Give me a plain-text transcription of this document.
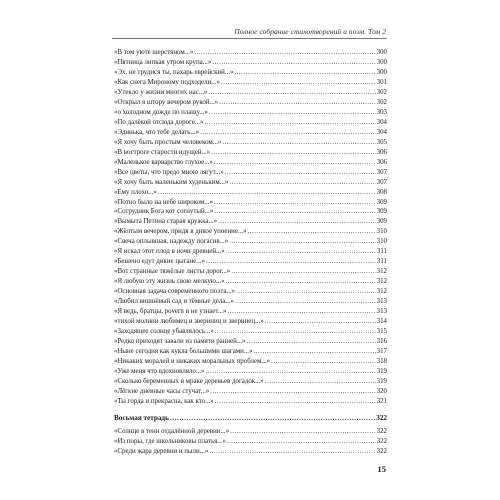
Полное собрание стихотворений и поэм. Том 2
«В том уюте шерстяном...» . . .	300
«Пятница липкая утром крупа...» . . .	300
«Эх, не трудися ты, пахарь еврейский...» . . .	300
«Как снега Мироному подходели...» . . .	301
«Утекло у жизни многих нас...» . . .	302
«Открыл я штору вечером рукой...» . . .	302
«о холодном дожде по плащу...» . . .	303
«По далёкой отсюда дороге...» . . .	304
«Эдинька, что тебе делать...» . . .	304
«Я хочу быть простым человеком...» . . .	305
«В востроге старости идущей...» . . .	306
«Маленькое варварство глухое...» . . .	306
«Все цветы, что предо мною лягут...» . . .	307
«Я хочу быть маленьким худеньким...» . . .	307
«Ему плохо...» . . .	308
«Потно было на небе широком...» . . .	309
«Сотрудник Бога кот согнутый...» . . .	309
«Вымыта Петина старая кружка...» . . .	309
«Жёлтым вечером, придя в дикое упоение...» . . .	310
«Свеча оплывшая, надежду погасив...» . . .	310
«Я искал этот плод в ночи древней...» . . .	311
«Бешено едут дикие цыгане...» . . .	311
«Вот странные тяжёлые листы дорог...» . . .	312
«Я любую эту жизнь свою мелкую...» . . .	312
«Основная задача современного поэта...» . . .	312
«Любил вишнёвый сад и тёмные дела...» . . .	313
«Я ведь, братцы, povern и не узнает...» . . .	313
«тихой молнии любимец и звериниц и зверинец...» . . .	314
«Заходящее солнце убавлялось...» . . .	315
«Редко приходят завали из памяти ранней...» . . .	316
«Ныне сегодня как кукла большими шагами...» . . .	317
«Никаких моралей и никаких моральных проблем...» . . .	318
«Уже меня что вдохновляло...» . . .	319
«Сколько беременных в мраке деревьев догадок...» . . .	319
«Лёгкие дневные часы стучат...» . . .	320
«Ты горда и прекрасна, как кто...» . . .	321
Восьмая тетрадь . . .	322
«Солнце в тени отдалённой деревни...» . . .	322
«Из поры, где школьниковы платья...» . . .	322
«Среди жара деревни и пыли...» . . .	322
15
